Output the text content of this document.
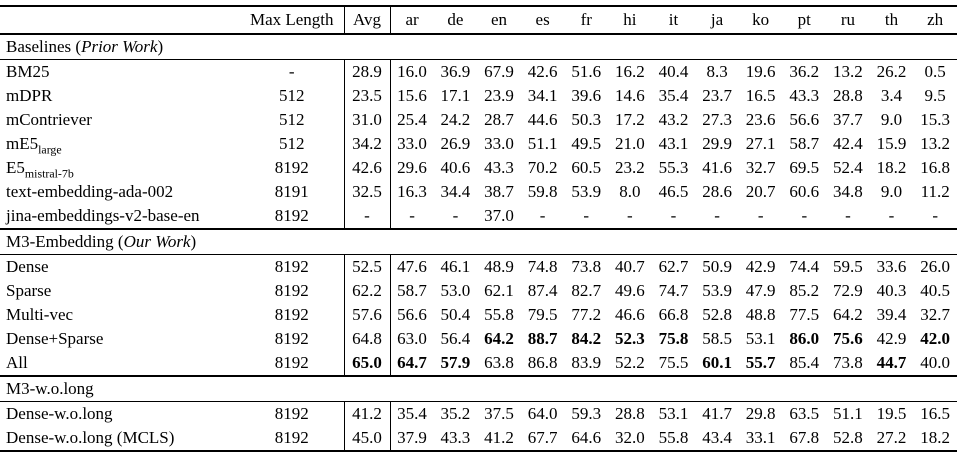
	Max Length	Avg	ar	de	en	es	fr	hi	it	ja	ko	pt	ru	th	zh
Baselines (Prior Work)															
BM25	-	28.9	16.0	36.9	67.9	42.6	51.6	16.2	40.4	8.3	19.6	36.2	13.2	26.2	0.5
mDPR	512	23.5	15.6	17.1	23.9	34.1	39.6	14.6	35.4	23.7	16.5	43.3	28.8	3.4	9.5
mContriever	512	31.0	25.4	24.2	28.7	44.6	50.3	17.2	43.2	27.3	23.6	56.6	37.7	9.0	15.3
$mE5_{large}$	512	34.2	33.0	26.9	33.0	51.1	49.5	21.0	43.1	29.9	27.1	58.7	42.4	15.9	13.2
$E5_{mistral-7b}$	8192	42.6	29.6	40.6	43.3	70.2	60.5	23.2	55.3	41.6	32.7	69.5	52.4	18.2	16.8
text-embedding-ada-002	8191	32.5	16.3	34.4	38.7	59.8	53.9	8.0	46.5	28.6	20.7	60.6	34.8	9.0	11.2
jina-embeddings-v2-base-en	8192	-	-	-	37.0	-	-	-	-	-	-	-	-	-	-
M3-Embedding (Our Work)															
Dense	8192	52.5	47.6	46.1	48.9	74.8	73.8	40.7	62.7	50.9	42.9	74.4	59.5	33.6	26.0
Sparse	8192	62.2	58.7	53.0	62.1	87.4	82.7	49.6	74.7	53.9	47.9	85.2	72.9	40.3	40.5
Multi-vec	8192	57.6	56.6	50.4	55.8	79.5	77.2	46.6	66.8	52.8	48.8	77.5	64.2	39.4	32.7
Dense+Sparse	8192	64.8	63.0	56.4	64.2	88.7	84.2	52.3	75.8	58.5	53.1	86.0	75.6	42.9	42.0
All	8192	65.0	64.7	57.9	63.8	86.8	83.9	52.2	75.5	60.1	55.7	85.4	73.8	44.7	40.0
M3-w.o.long															
Dense-w.o.long	8192	41.2	35.4	35.2	37.5	64.0	59.3	28.8	53.1	41.7	29.8	63.5	51.1	19.5	16.5
Dense-w.o.long (MCLS)	8192	45.0	37.9	43.3	41.2	67.7	64.6	32.0	55.8	43.4	33.1	67.8	52.8	27.2	18.2
